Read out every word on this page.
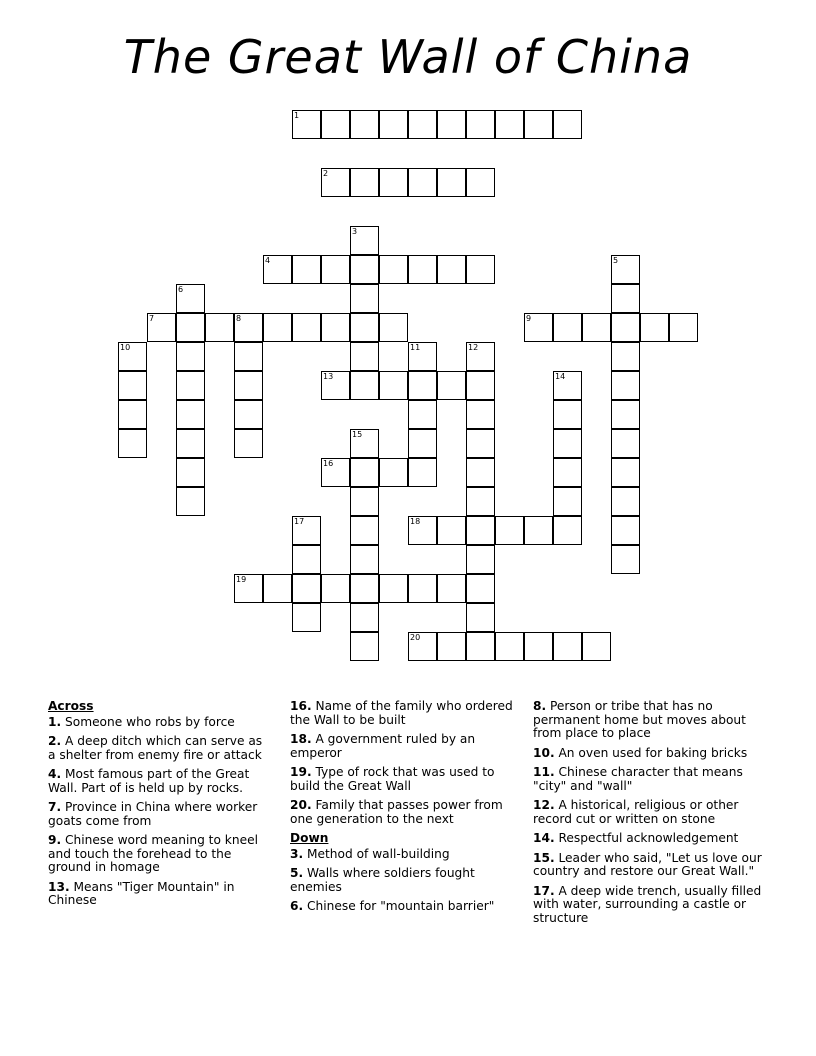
The Great Wall of China
1
2
4
7	8	9
13
16
18
19
20
3
5
6
10	11	12
14
15
17
Across
1. Someone who robs by force
2. A deep ditch which can serve as a shelter from enemy fire or attack
4. Most famous part of the Great Wall. Part of is held up by rocks.
7. Province in China where worker goats come from
9. Chinese word meaning to kneel and touch the forehead to the ground in homage
13. Means "Tiger Mountain" in Chinese
16. Name of the family who ordered the Wall to be built
18. A government ruled by an emperor
19. Type of rock that was used to build the Great Wall
20. Family that passes power from one generation to the next
Down
3. Method of wall-building
5. Walls where soldiers fought enemies
6. Chinese for "mountain barrier"
8. Person or tribe that has no permanent home but moves about from place to place
10. An oven used for baking bricks
11. Chinese character that means "city" and "wall"
12. A historical, religious or other record cut or written on stone
14. Respectful acknowledgement
15. Leader who said, "Let us love our country and restore our Great Wall."
17. A deep wide trench, usually filled with water, surrounding a castle or structure
